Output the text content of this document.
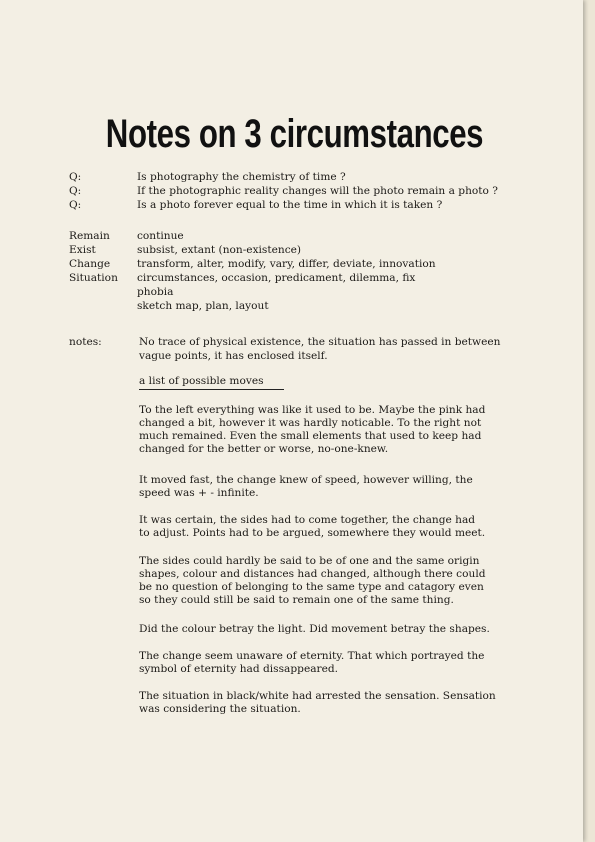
Notes on 3 circumstances
Q:	Is photography the chemistry of time ?
Q:	If the photographic reality changes will the photo remain a photo ?
Q:	Is a photo forever equal to the time in which it is taken ?
Remain	continue
Exist	subsist, extant (non-existence)
Change	transform, alter, modify, vary, differ, deviate, innovation
Situation circumstances, occasion, predicament, dilemma, fix
phobia
sketch map, plan, layout
notes:	No trace of physical existence, the situation has passed in between
vague points, it has enclosed itself.
a list of possible moves

To the left everything was like it used to be. Maybe the pink had

changed a bit, however it was hardly noticable. To the right not

much remained. Even the small elements that used to keep had

changed for the better or worse, no-one-knew.

It moved fast, the change knew of speed, however willing, the

speed was + - infinite.

It was certain, the sides had to come together, the change had

to adjust. Points had to be argued, somewhere they would meet.

The sides could hardly be said to be of one and the same origin

shapes, colour and distances had changed, although there could

be no question of belonging to the same type and catagory even

so they could still be said to remain one of the same thing.

Did the colour betray the light. Did movement betray the shapes.

The change seem unaware of eternity. That which portrayed the

symbol of eternity had dissappeared.

The situation in black/white had arrested the sensation. Sensation

was considering the situation.
